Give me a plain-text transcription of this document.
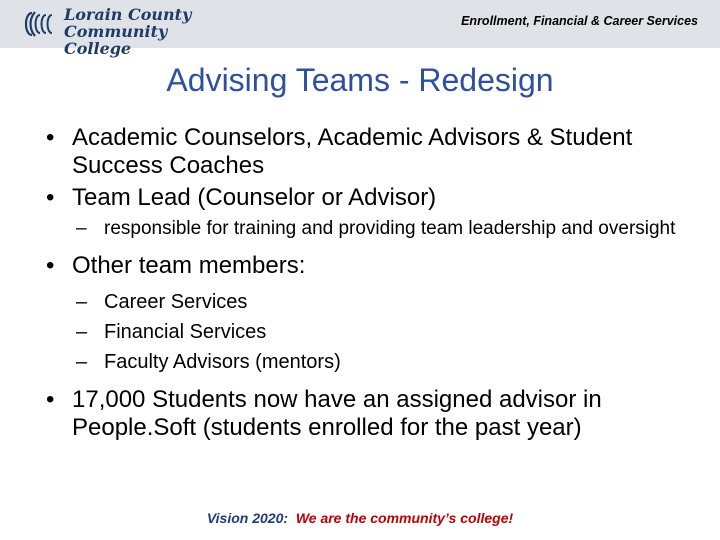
Lorain County
Community College
Enrollment, Financial & Career Services
Advising Teams - Redesign
• Academic Counselors, Academic Advisors & Student Success Coaches
• Team Lead (Counselor or Advisor)
– responsible for training and providing team leadership and oversight
• Other team members:
– Career Services
– Financial Services
– Faculty Advisors (mentors)
• 17,000 Students now have an assigned advisor in People.Soft (students enrolled for the past year)
Vision 2020: We are the community’s college!
